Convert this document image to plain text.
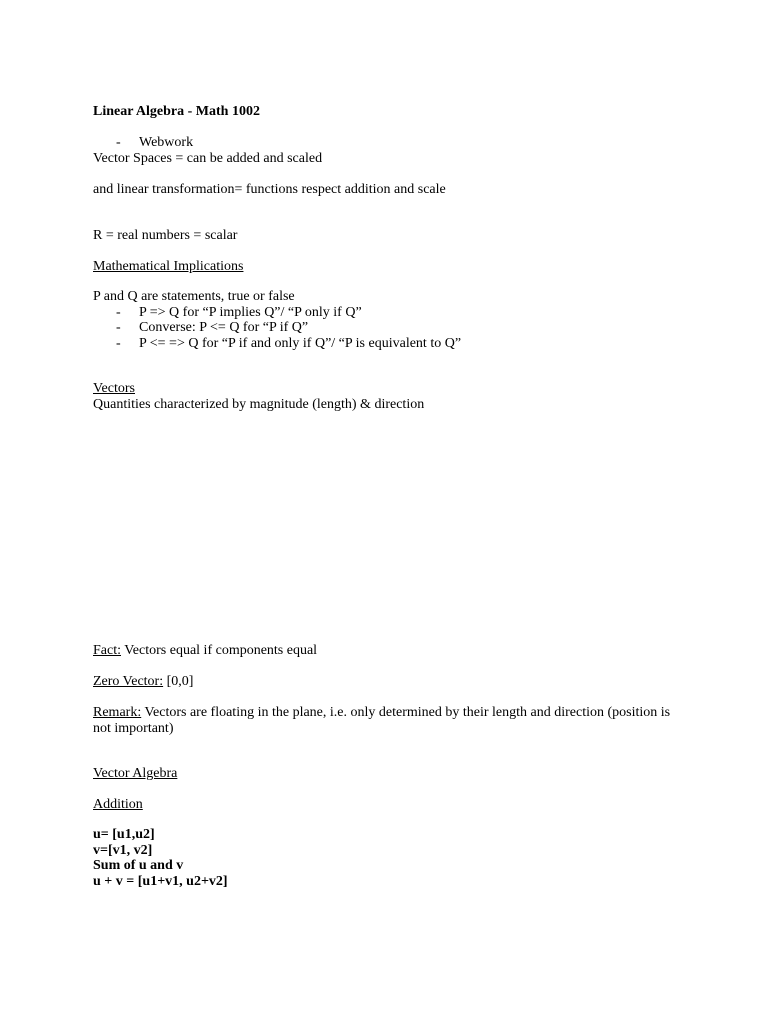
Linear Algebra - Math 1002
- Webwork
Vector Spaces = can be added and scaled
and linear transformation= functions respect addition and scale
R = real numbers = scalar
Mathematical Implications
P and Q are statements, true or false
- P => Q for “P implies Q”/ “P only if Q”
- Converse: P <= Q for “P if Q”
- P <= => Q for “P if and only if Q”/ “P is equivalent to Q”
Vectors
Quantities characterized by magnitude (length) & direction
Fact: Vectors equal if components equal
Zero Vector: [0,0]
Remark: Vectors are floating in the plane, i.e. only determined by their length and direction (position is not important)
Vector Algebra
Addition
u= [u1,u2]
v=[v1, v2]
Sum of u and v
u + v = [u1+v1, u2+v2]
